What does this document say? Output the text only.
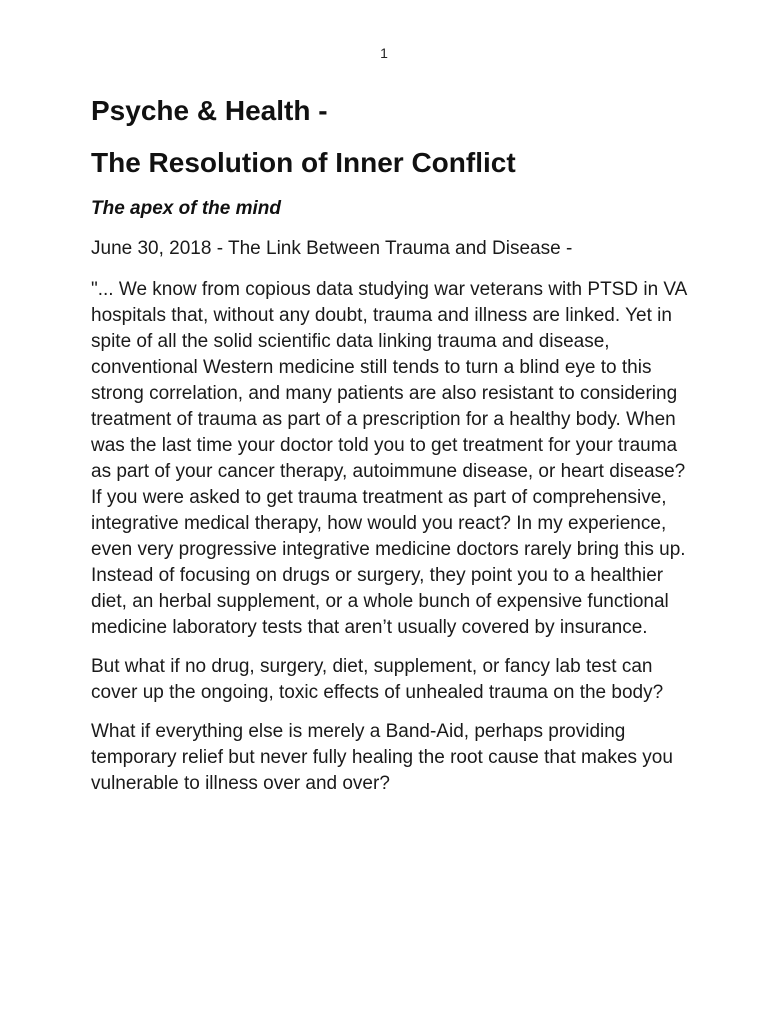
1
Psyche & Health -
The Resolution of Inner Conflict

The apex of the mind

June 30, 2018 - The Link Between Trauma and Disease -

"... We know from copious data studying war veterans with PTSD in VA hospitals that, without any doubt, trauma and illness are linked. Yet in spite of all the solid scientific data linking trauma and disease, conventional Western medicine still tends to turn a blind eye to this strong correlation, and many patients are also resistant to considering treatment of trauma as part of a prescription for a healthy body. When was the last time your doctor told you to get treatment for your trauma as part of your cancer therapy, autoimmune disease, or heart disease? If you were asked to get trauma treatment as part of comprehensive, integrative medical therapy, how would you react? In my experience, even very progressive integrative medicine doctors rarely bring this up. Instead of focusing on drugs or surgery, they point you to a healthier diet, an herbal supplement, or a whole bunch of expensive functional medicine laboratory tests that aren’t usually covered by insurance.

But what if no drug, surgery, diet, supplement, or fancy lab test can cover up the ongoing, toxic effects of unhealed trauma on the body?

What if everything else is merely a Band-Aid, perhaps providing temporary relief but never fully healing the root cause that makes you vulnerable to illness over and over?
